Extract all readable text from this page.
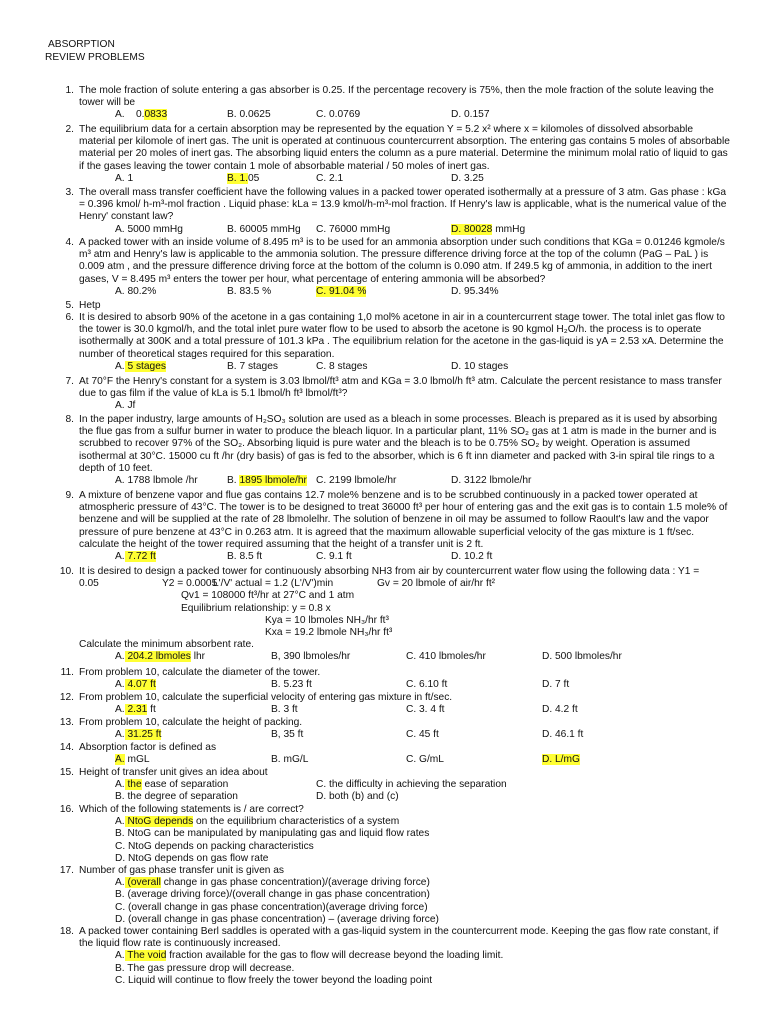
ABSORPTION
REVIEW PROBLEMS
1. The mole fraction of solute entering a gas absorber is 0.25. If the percentage recovery is 75%, then the mole fraction of the solute leaving the tower will be
A. 0.0833	B. 0.0625	C. 0.0769	D. 0.157
2. The equilibrium data for a certain absorption may be represented by the equation Y = 5.2 x² where x = kilomoles of dissolved absorbable material per kilomole of inert gas. The unit is operated at continuous countercurrent absorption. The entering gas contains 5 moles of absorbable material per 20 moles of inert gas. The absorbing liquid enters the column as a pure material. Determine the minimum molal ratio of liquid to gas if the gases leaving the tower contain 1 mole of absorbable material / 50 moles of inert gas.
A. 1	B. 1.05	C. 2.1	D. 3.25
3. The overall mass transfer coefficient have the following values in a packed tower operated isothermally at a pressure of 3 atm. Gas phase : kGa = 0.396 kmol/ h-m³-mol fraction . Liquid phase: kLa = 13.9 kmol/h-m³-mol fraction. If Henry's law is applicable, what is the numerical value of the Henry' constant law?
A. 5000 mmHg	B. 60005 mmHg C. 76000 mmHg	D. 80028 mmHg
4. A packed tower with an inside volume of 8.495 m³ is to be used for an ammonia absorption under such conditions that KGa = 0.01246 kgmole/s m³ atm and Henry's law is applicable to the ammonia solution. The pressure difference driving force at the top of the column (PaG – PaL ) is 0.009 atm , and the pressure difference driving force at the bottom of the column is 0.090 atm. If 249.5 kg of ammonia, in addition to the inert gases, V = 8.495 m³ enters the tower per hour, what percentage of entering ammonia will be absorbed?
A. 80.2%	B. 83.5 %	C. 91.04 %	D. 95.34%
5. Hetp
6. It is desired to absorb 90% of the acetone in a gas containing 1,0 mol% acetone in air in a countercurrent stage tower. The total inlet gas flow to the tower is 30.0 kgmol/h, and the total inlet pure water flow to be used to absorb the acetone is 90 kgmol H₂O/h. the process is to operate isothermally at 300K and a total pressure of 101.3 kPa . The equilibrium relation for the acetone in the gas-liquid is yA = 2.53 xA. Determine the number of theoretical stages required for this separation.
A. 5 stages	B. 7 stages	C. 8 stages	D. 10 stages
7. At 70°F the Henry's constant for a system is 3.03 lbmol/ft³ atm and KGa = 3.0 lbmol/h ft³ atm. Calculate the percent resistance to mass transfer due to gas film if the value of kLa is 5.1 lbmol/h ft³ lbmol/ft³?
A. Jf
8. In the paper industry, large amounts of H₂SO₃ solution are used as a bleach in some processes. Bleach is prepared as it is used by absorbing the flue gas from a sulfur burner in water to produce the bleach liquor. In a particular plant, 11% SO₂ gas at 1 atm is made in the burner and is scrubbed to recover 97% of the SO₂. Absorbing liquid is pure water and the bleach is to be 0.75% SO₂ by weight. Operation is assumed isothermal at 30°C. 15000 cu ft /hr (dry basis) of gas is fed to the absorber, which is 6 ft inn diameter and packed with 3-in spiral tile rings to a depth of 10 feet.
A. 1788 lbmole /hr	B. 1895 lbmole/hr C. 2199 lbmole/hr	D. 3122 lbmole/hr
9. A mixture of benzene vapor and flue gas contains 12.7 mole% benzene and is to be scrubbed continuously in a packed tower operated at atmospheric pressure of 43°C. The tower is to be designed to treat 36000 ft³ per hour of entering gas and the exit gas is to contain 1.5 mole% of benzene and will be supplied at the rate of 28 lbmolelhr. The solution of benzene in oil may be assumed to follow Raoult's law and the vapor pressure of pure benzene at 43°C in 0.263 atm. It is agreed that the maximum allowable superficial velocity of the gas mixture is 1 ft/sec. calculate the height of the tower required assuming that the height of a transfer unit is 2 ft.
A. 7.72 ft	B. 8.5 ft	C. 9.1 ft	D. 10.2 ft
10. It is desired to design a packed tower for continuously absorbing NH3 from air by countercurrent water flow using the following data : Y1 =
0.05	Y2 = 0.0005
L'/V' actual = 1.2 (L'/V')min	Gv = 20 lbmole of air/hr ft²
Qv1 = 108000 ft³/hr at 27°C and 1 atm
Equilibrium relationship: y = 0.8 x
Kya = 10 lbmoles NH₃/hr ft³
Kxa = 19.2 lbmole NH₃/hr ft³
Calculate the minimum absorbent rate.
A. 204.2 lbmoles lhr	B, 390 lbmoles/hr	C. 410 lbmoles/hr	D. 500 lbmoles/hr
11. From problem 10, calculate the diameter of the tower.
A. 4.07 ft	B. 5.23 ft	C. 6.10 ft	D. 7 ft
12. From problem 10, calculate the superficial velocity of entering gas mixture in ft/sec.
A. 2.31 ft	B. 3 ft	C. 3. 4 ft	D. 4.2 ft
13. From problem 10, calculate the height of packing.
A. 31.25 ft	B, 35 ft	C. 45 ft	D. 46.1 ft
14. Absorption factor is defined as
A. mGL	B. mG/L	C. G/mL	D. L/mG
15. Height of transfer unit gives an idea about
A. the ease of separation	C. the difficulty in achieving the separation
B. the degree of separation	D. both (b) and (c)
16. Which of the following statements is / are correct?
A. NtoG depends on the equilibrium characteristics of a system
B. NtoG can be manipulated by manipulating gas and liquid flow rates
C. NtoG depends on packing characteristics
D. NtoG depends on gas flow rate
17. Number of gas phase transfer unit is given as
A. (overall change in gas phase concentration)/(average driving force)
B. (average driving force)/(overall change in gas phase concentration)
C. (overall change in gas phase concentration)(average driving force)
D. (overall change in gas phase concentration) – (average driving force)
18. A packed tower containing Berl saddles is operated with a gas-liquid system in the countercurrent mode. Keeping the gas flow rate constant, if the liquid flow rate is continuously increased.
A. The void fraction available for the gas to flow will decrease beyond the loading limit.
B. The gas pressure drop will decrease.
C. Liquid will continue to flow freely the tower beyond the loading point
